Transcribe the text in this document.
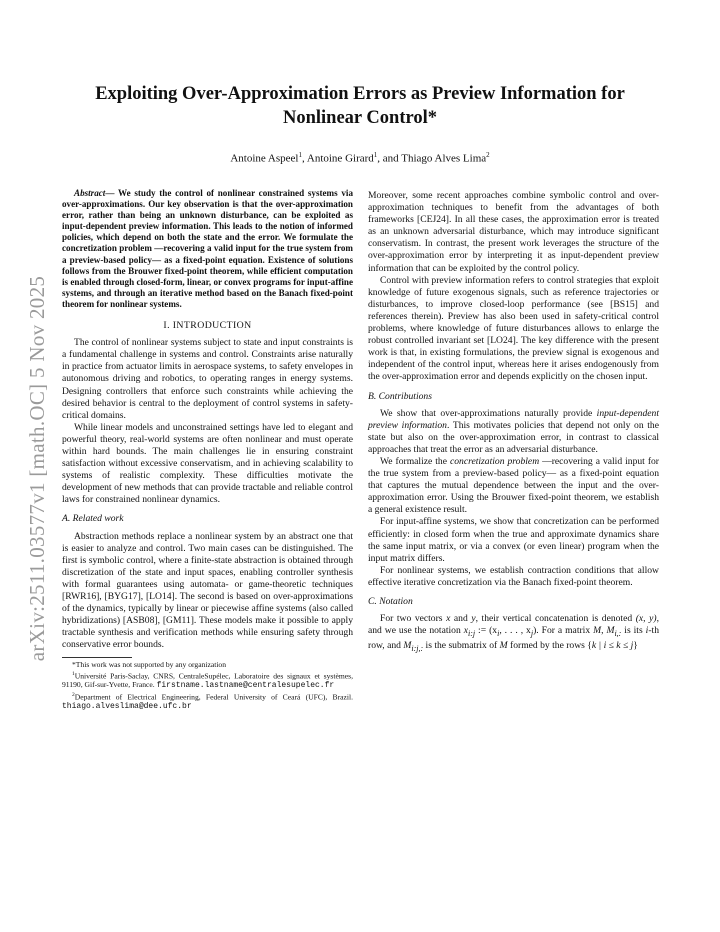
arXiv:2511.03577v1 [math.OC] 5 Nov 2025
Exploiting Over-Approximation Errors as Preview Information for Nonlinear Control*
Antoine Aspeel$^1$, Antoine Girard$^1$, and Thiago Alves Lima$^2$

Abstract— We study the control of nonlinear constrained systems via over-approximations. Our key observation is that the over-approximation error, rather than being an unknown disturbance, can be exploited as input-dependent preview information. This leads to the notion of informed policies, which depend on both the state and the error. We formulate the concretization problem —recovering a valid input for the true system from a preview-based policy— as a fixed-point equation. Existence of solutions follows from the Brouwer fixed-point theorem, while efficient computation is enabled through closed-form, linear, or convex programs for input-affine systems, and through an iterative method based on the Banach fixed-point theorem for nonlinear systems.

I. INTRODUCTION

The control of nonlinear systems subject to state and input constraints is a fundamental challenge in systems and control. Constraints arise naturally in practice from actuator limits in aerospace systems, to safety envelopes in autonomous driving and robotics, to operating ranges in energy systems. Designing controllers that enforce such constraints while achieving the desired behavior is central to the deployment of control systems in safety-critical domains.

While linear models and unconstrained settings have led to elegant and powerful theory, real-world systems are often nonlinear and must operate within hard bounds. The main challenges lie in ensuring constraint satisfaction without excessive conservatism, and in achieving scalability to systems of realistic complexity. These difficulties motivate the development of new methods that can provide tractable and reliable control laws for constrained nonlinear dynamics.

A. Related work

Abstraction methods replace a nonlinear system by an abstract one that is easier to analyze and control. Two main cases can be distinguished. The first is symbolic control, where a finite-state abstraction is obtained through discretization of the state and input spaces, enabling controller synthesis with formal guarantees using automata- or game-theoretic techniques [RWR16], [BYG17], [LO14]. The second is based on over-approximations of the dynamics, typically by linear or piecewise affine systems (also called hybridizations) [ASB08], [GM11]. These models make it possible to apply tractable synthesis and verification methods while ensuring safety through conservative error bounds.

*This work was not supported by any organization

$^1$Université Paris-Saclay, CNRS, CentraleSupélec, Laboratoire des signaux et systèmes, 91190, Gif-sur-Yvette, France. firstname.lastname@centralesupelec.fr

$^2$Department of Electrical Engineering, Federal University of Ceará (UFC), Brazil. thiago.alveslima@dee.ufc.br

Moreover, some recent approaches combine symbolic control and over-approximation techniques to benefit from the advantages of both frameworks [CEJ24]. In all these cases, the approximation error is treated as an unknown adversarial disturbance, which may introduce significant conservatism. In contrast, the present work leverages the structure of the over-approximation error by interpreting it as input-dependent preview information that can be exploited by the control policy.

Control with preview information refers to control strategies that exploit knowledge of future exogenous signals, such as reference trajectories or disturbances, to improve closed-loop performance (see [BS15] and references therein). Preview has also been used in safety-critical control problems, where knowledge of future disturbances allows to enlarge the robust controlled invariant set [LO24]. The key difference with the present work is that, in existing formulations, the preview signal is exogenous and independent of the control input, whereas here it arises endogenously from the over-approximation error and depends explicitly on the chosen input.

B. Contributions

We show that over-approximations naturally provide input-dependent preview information. This motivates policies that depend not only on the state but also on the over-approximation error, in contrast to classical approaches that treat the error as an adversarial disturbance.

We formalize the concretization problem —recovering a valid input for the true system from a preview-based policy— as a fixed-point equation that captures the mutual dependence between the input and the over-approximation error. Using the Brouwer fixed-point theorem, we establish a general existence result.

For input-affine systems, we show that concretization can be performed efficiently: in closed form when the true and approximate dynamics share the same input matrix, or via a convex (or even linear) program when the input matrix differs.

For nonlinear systems, we establish contraction conditions that allow effective iterative concretization via the Banach fixed-point theorem.

C. Notation

For two vectors x and y, their vertical concatenation is denoted (x, y), and we use the notation $x_{i:j}$ := ($x_i$, . . . , $x_j$). For a matrix M, $M_{i,:}$ is its i-th row, and $M_{i:j,:}$ is the submatrix of M formed by the rows {k | i ≤ k ≤ j}
